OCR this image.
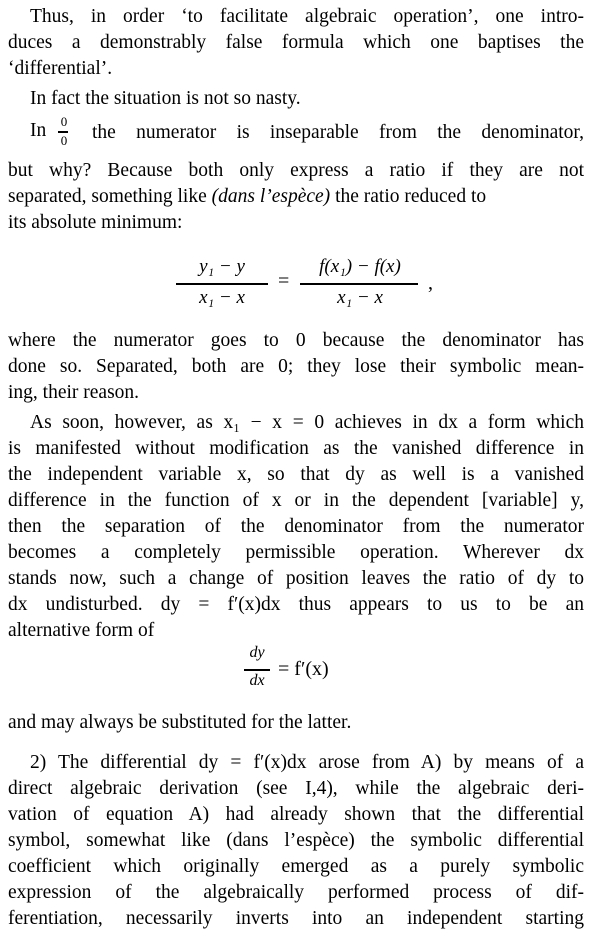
Thus, in order ‘to facilitate algebraic operation’, one intro-
duces a demonstrably false formula which one baptises the
‘differential’.
In fact the situation is not so nasty.
In 0
0 the numerator is inseparable from the denominator,
but why? Because both only express a ratio if they are not
separated, something like (dans l’espèce) the ratio reduced to
its absolute minimum:
y₁ − y
x₁ − x
=
f(x₁) − f(x)
x₁ − x
,
where the numerator goes to 0 because the denominator has
done so. Separated, both are 0; they lose their symbolic mean-
ing, their reason.
As soon, however, as x₁ − x = 0 achieves in dx a form which
is manifested without modification as the vanished difference in
the independent variable x, so that dy as well is a vanished
difference in the function of x or in the dependent [variable] y,
then the separation of the denominator from the numerator
becomes a completely permissible operation. Wherever dx
stands now, such a change of position leaves the ratio of dy to
dx undisturbed. dy = f′(x)dx thus appears to us to be an
alternative form of
dy
dx
= f′(x)
and may always be substituted for the latter.
2) The differential dy = f′(x)dx arose from A) by means of a
direct algebraic derivation (see I,4), while the algebraic deri-
vation of equation A) had already shown that the differential
symbol, somewhat like (dans l’espèce) the symbolic differential
coefficient which originally emerged as a purely symbolic
expression of the algebraically performed process of dif-
ferentiation, necessarily inverts into an independent starting
